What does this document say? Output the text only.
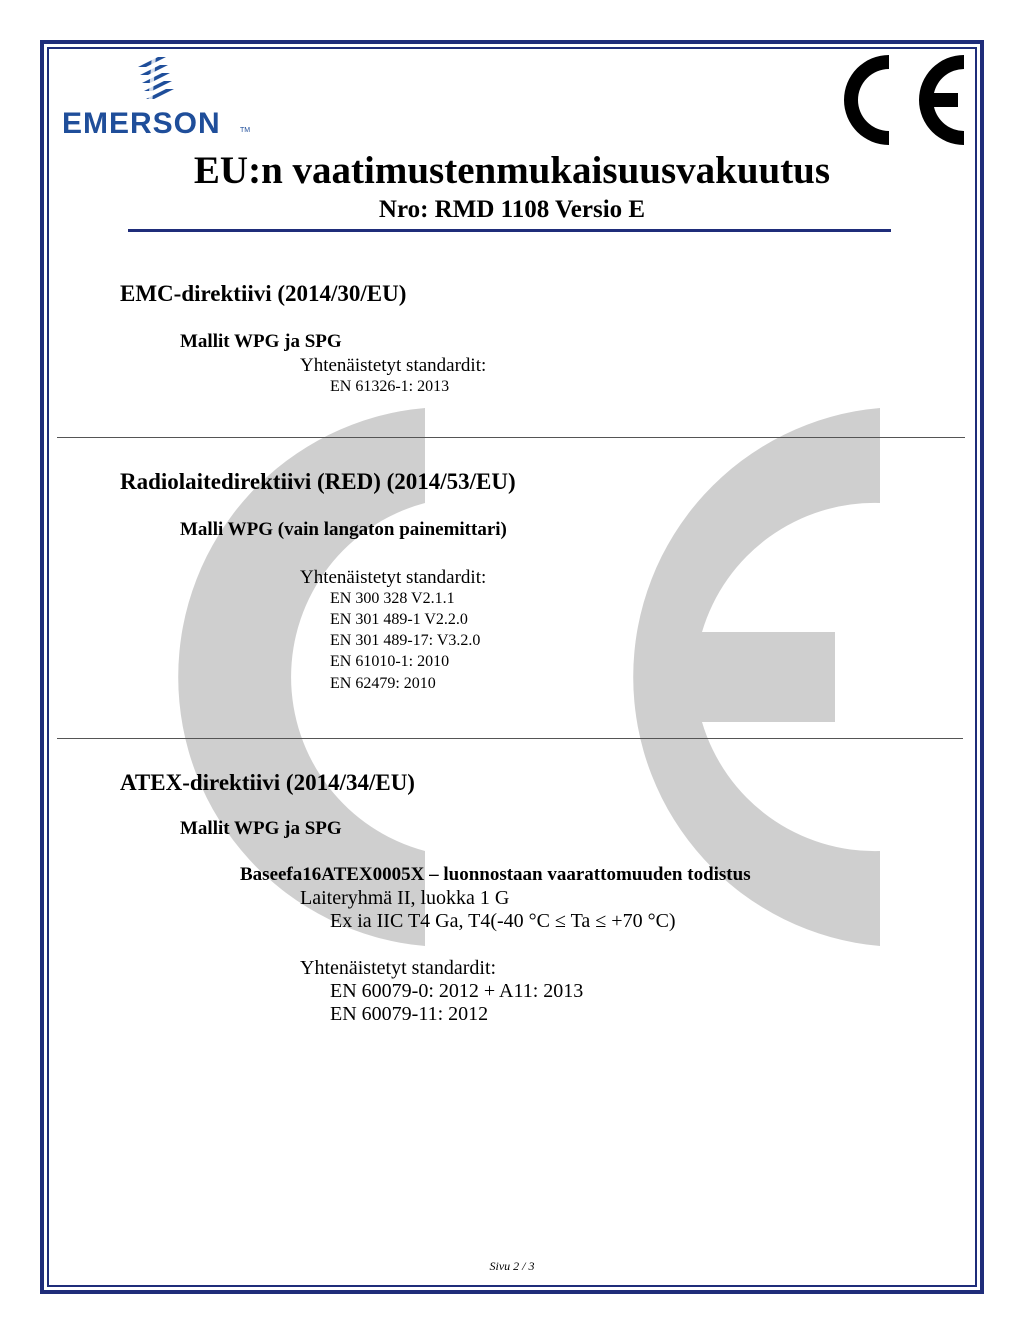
EMERSON	TM
EU:n vaatimustenmukaisuusvakuutus
Nro: RMD 1108 Versio E
EMC-direktiivi (2014/30/EU)
Mallit WPG ja SPG
Yhtenäistetyt standardit:
EN 61326-1: 2013
Radiolaitedirektiivi (RED) (2014/53/EU)
Malli WPG (vain langaton painemittari)
Yhtenäistetyt standardit:
EN 300 328 V2.1.1
EN 301 489-1 V2.2.0
EN 301 489-17: V3.2.0
EN 61010-1: 2010
EN 62479: 2010
ATEX-direktiivi (2014/34/EU)
Mallit WPG ja SPG
Baseefa16ATEX0005X – luonnostaan vaarattomuuden todistus
Laiteryhmä II, luokka 1 G
Ex ia IIC T4 Ga, T4(-40 °C ≤ Ta ≤ +70 °C)
Yhtenäistetyt standardit:
EN 60079-0: 2012 + A11: 2013
EN 60079-11: 2012
Sivu 2 / 3
